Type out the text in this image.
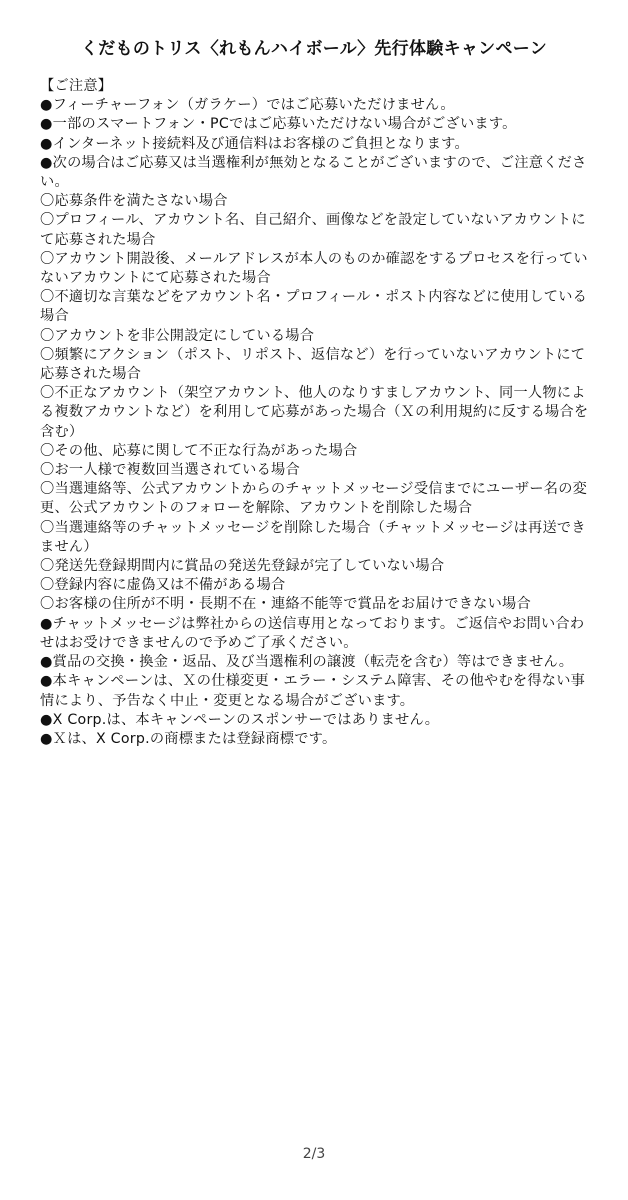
くだものトリス〈れもんハイボール〉先行体験キャンペーン
【ご注意】
●フィーチャーフォン（ガラケー）ではご応募いただけません。
●一部のスマートフォン・PCではご応募いただけない場合がございます。
●インターネット接続料及び通信料はお客様のご負担となります。
●次の場合はご応募又は当選権利が無効となることがございますので、ご注意ください。
〇応募条件を満たさない場合
〇プロフィール、アカウント名、自己紹介、画像などを設定していないアカウントにて応募された場合
〇アカウント開設後、メールアドレスが本人のものか確認をするプロセスを行っていないアカウントにて応募された場合
〇不適切な言葉などをアカウント名・プロフィール・ポスト内容などに使用している場合
〇アカウントを非公開設定にしている場合
〇頻繁にアクション（ポスト、リポスト、返信など）を行っていないアカウントにて応募された場合
〇不正なアカウント（架空アカウント、他人のなりすましアカウント、同一人物による複数アカウントなど）を利用して応募があった場合（Ｘの利用規約に反する場合を含む）
〇その他、応募に関して不正な行為があった場合
〇お一人様で複数回当選されている場合
〇当選連絡等、公式アカウントからのチャットメッセージ受信までにユーザー名の変更、公式アカウントのフォローを解除、アカウントを削除した場合
〇当選連絡等のチャットメッセージを削除した場合（チャットメッセージは再送できません）
〇発送先登録期間内に賞品の発送先登録が完了していない場合
〇登録内容に虚偽又は不備がある場合
〇お客様の住所が不明・長期不在・連絡不能等で賞品をお届けできない場合
●チャットメッセージは弊社からの送信専用となっております。ご返信やお問い合わせはお受けできませんので予めご了承ください。
●賞品の交換・換金・返品、及び当選権利の譲渡（転売を含む）等はできません。
●本キャンペーンは、Ｘの仕様変更・エラー・システム障害、その他やむを得ない事情により、予告なく中止・変更となる場合がございます。
●X Corp.は、本キャンペーンのスポンサーではありません。
●Ｘは、X Corp.の商標または登録商標です。
2/3
